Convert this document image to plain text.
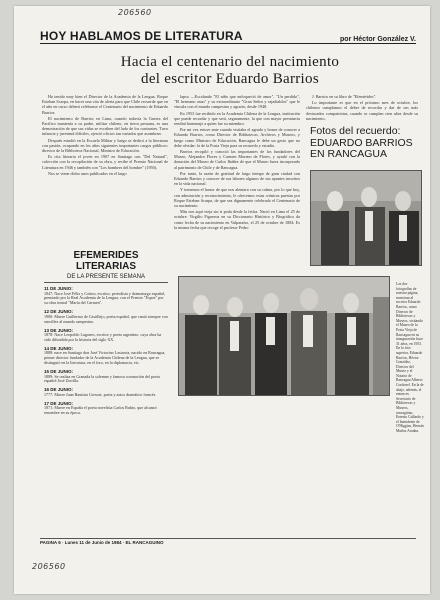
206560
HOY HABLAMOS DE LITERATURA	por Héctor González V.
Hacia el centenario del nacimiento
del escritor Eduardo Barrios

Ha tenido muy bien el Director de la Academia de la Lengua, Roque Esteban Scarpa, en hacer una cita de alerta para que Chile recuerde que en el año en curso deberá celebrarse el Centenario del nacimiento de Eduardo Barrios.

El nacimiento de Barrios en Lima, cuando todavía la Guerra del Pacífico mantenía a su padre, militar chileno, en tierra peruana, es una demostración de que sus vidas se escriben del lado de los contrastes. Tuvo infancia y juventud difíciles, ejerció oficios tan variados que asombran.

Después estudió en la Escuela Militar y luego se dedicó a la literatura con pasión, ocupando en los años siguientes importantes cargos públicos: director de la Biblioteca Nacional, Ministro de Educación.

Es cita literaria el joven en 1907 en Santiago con "Del Natural", colección con la recopilación de su obra, y recibe el Premio Nacional de Literatura en 1946 y también con "Los hombres del hombre" (1950).

Nos se viene dicho unos publicados en el largo

lapso —Escalando "El niño que enloqueció de amor", "Un perdido", "El hermano asno" y su extraordinario "Gran Señor y rajadiablos" que le vincula con el mundo campesino y agrario, desde 1948.

En 1953 fue recibido en la Academia Chilena de la Lengua, institución que puede recordar y que será, seguramente, la que con mayor prestancia rendirá homenaje a quien fue su miembro.

Por mi vez estuve ante cuando visitaba el agrado y honor de conocer a Eduardo Barrios, como Director de Bibliotecas, Archivos y Museos, y luego como Ministro de Educación, Rancagua le debe un gesto que no debe olvidar: la de la Posta Vieja para su recuerdo y estudio.

Barrios recopiló y conoció las importantes de los fundadores del Museo, Alejandro Flores y Carmen Moreno de Flores, y ayudó con la donación del Museo de Carlos Ibáñez de que el Museo fuera incorporado al patrimonio de Chile y de Rancagua.

Por tanto, la razón de gratitud de largo tiempo de gran ciudad con Eduardo Barrios y conocer de sus labores algunos de sus apuntes inscritos en la vida nacional.

Y tomemos el honor de que nos alentara con su calma, por lo que hoy, con admiración y reconocimiento, le ofrecemos estas crónicas puestas por Roque Esteban Scarpa, de que sea dignamente celebrado el Centenario de su nacimiento.

Más nos aquí vieja sin ir poda desde la fecha. Nació en Lima el 25 de octubre. Virgilio Figueroa en su Diccionario Histórico y Biográfico da como fecha de su nacimiento en Valparaíso, el 25 de octubre de 1884. Es la misma fecha que recoge el profesor Pedro

J. Barrios en su libro de "Efemérides".

Lo importante es que en el próximo mes de octubre, los chilenos cumplamos el deber de recordar y dar de sus más destacados compatriotas, cuando se cumplan cien años desde su nacimiento.

Fotos del recuerdo: EDUARDO BARRIOS EN RANCAGUA
Las dos fotografías de nuestra página, muestran al escritor Eduardo Barrios, como Director de Bibliotecas y Museos, visitando el Museo de la Posta Vieja de Rancagua en su inauguración hace 31 años, en 1953. En la foto superior, Eduardo Barrios, Héctor González, Director del Museo y el Notario de Rancagua Alberto Cordonel. En la de abajo, además, el entonces Secretario de Bibliotecas y Museos, rancagüino, Ernesto Gallardo y el Intendente de O'Higgins, Hernán Muñoz Aranha.
EFEMERIDES
LITERARIAS
DE LA PRESENTE SEMANA
11 DE JUNIO:
1847: Nace José Félix y Cotino, escritor, periodista y dramaturgo español, premiado por la Real Academia de la Lengua, con el Premio "Espoz" por su obra teatral "María del Carmen".
12 DE JUNIO:
1900: Muere Guillermo de Castillejo, poeta español, que cantó siempre con sencillez al mundo campesino.
13 DE JUNIO:
1878: Nace Leopoldo Lugones, escritor y poeta argentino, cuya obra ha sido difundida por la historia del siglo XX.
14 DE JUNIO:
1888: nace en Santiago don José Victorino Lastarria, nacido en Rancagua, primer director fundador de la Academia Chilena de la Lengua, que se distinguió en la literatura, en el foro, en la diplomacia, etc.
15 DE JUNIO:
1889: Se realiza en Granada la solemne y famosa coronación del poeta español José Zorrilla.
16 DE JUNIO:
1777: Muere Juan Bautista Grosset, poeta y autor dramático francés.
17 DE JUNIO:
1871: Muere en España el poeta novelista Carlos Rubio, que alcanzó renombre en su época.
PAGINA 6 · Lunes 11 de Junio de 1984 · EL RANCAGUINO
206560
